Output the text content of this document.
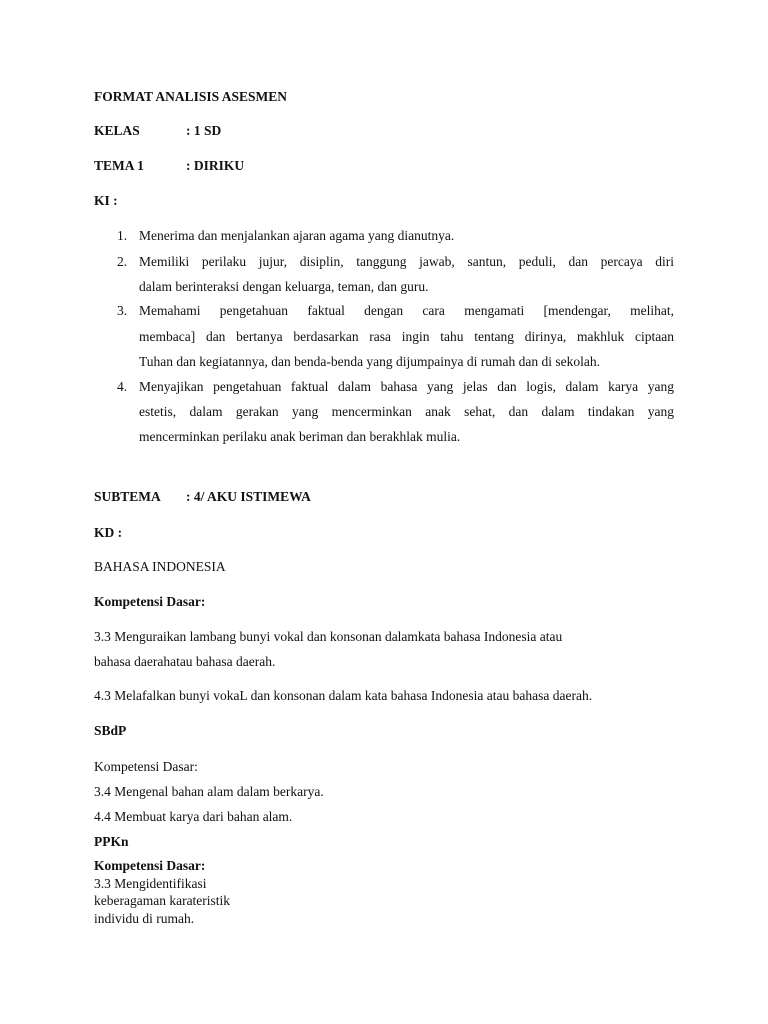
FORMAT ANALISIS ASESMEN
KELAS	: 1 SD
TEMA 1	: DIRIKU
KI :
1. Menerima dan menjalankan ajaran agama yang dianutnya.
2. Memiliki perilaku jujur, disiplin, tanggung jawab, santun, peduli, dan percaya diri
dalam berinteraksi dengan keluarga, teman, dan guru.
3. Memahami pengetahuan faktual dengan cara mengamati [mendengar, melihat,
membaca] dan bertanya berdasarkan rasa ingin tahu tentang dirinya, makhluk ciptaan
Tuhan dan kegiatannya, dan benda-benda yang dijumpainya di rumah dan di sekolah.
4. Menyajikan pengetahuan faktual dalam bahasa yang jelas dan logis, dalam karya yang
estetis, dalam gerakan yang mencerminkan anak sehat, dan dalam tindakan yang
mencerminkan perilaku anak beriman dan berakhlak mulia.
SUBTEMA : 4/ AKU ISTIMEWA
KD :
BAHASA INDONESIA
Kompetensi Dasar:
3.3 Menguraikan lambang bunyi vokal dan konsonan dalamkata bahasa Indonesia atau
bahasa daerahatau bahasa daerah.
4.3 Melafalkan bunyi vokaL dan konsonan dalam kata bahasa Indonesia atau bahasa daerah.
SBdP
Kompetensi Dasar:
3.4 Mengenal bahan alam dalam berkarya.
4.4 Membuat karya dari bahan alam.
PPKn
Kompetensi Dasar:
3.3 Mengidentifikasi
keberagaman karateristik
individu di rumah.
